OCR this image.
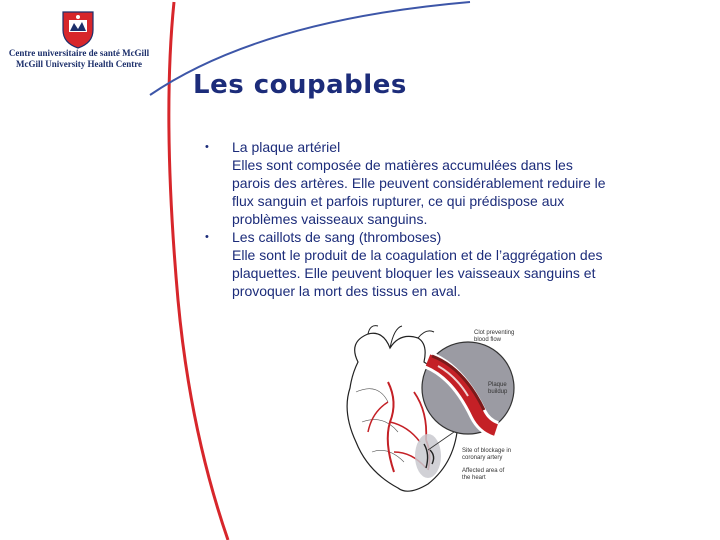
Centre universitaire de santé McGill
McGill University Health Centre
Les coupables
• La plaque artériel
Elles sont composée de matières accumulées dans les
parois des artères. Elle peuvent considérablement reduire le
flux sanguin et parfois rupturer, ce qui prédispose aux
problèmes vaisseaux sanguins.
• Les caillots de sang (thromboses)
Elle sont le produit de la coagulation et de l’aggrégation des
plaquettes. Elle peuvent bloquer les vaisseaux sanguins et
provoquer la mort des tissus en aval.
Clot preventing
blood flow
Plaque
buildup
Site of blockage in
coronary artery
Affected area of
the heart
